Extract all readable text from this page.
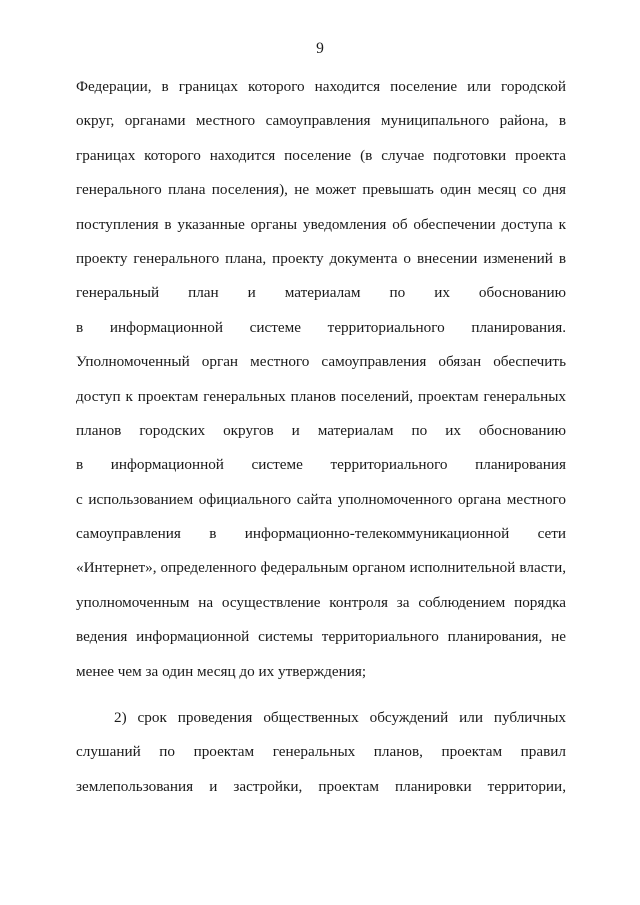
9
Федерации, в границах которого находится поселение или городской
округ, органами местного самоуправления муниципального района, в
границах которого находится поселение (в случае подготовки проекта
генерального плана поселения), не может превышать один месяц со дня
поступления в указанные органы уведомления об обеспечении доступа к
проекту генерального плана, проекту документа о внесении изменений в
генеральный план и материалам по их обоснованию
в информационной системе территориального планирования.
Уполномоченный орган местного самоуправления обязан обеспечить
доступ к проектам генеральных планов поселений, проектам генеральных
планов городских округов и материалам по их обоснованию
в информационной системе территориального планирования
с использованием официального сайта уполномоченного органа местного
самоуправления в информационно-телекоммуникационной сети
«Интернет», определенного федеральным органом исполнительной власти,
уполномоченным на осуществление контроля за соблюдением порядка
ведения информационной системы территориального планирования, не
менее чем за один месяц до их утверждения;
2) срок проведения общественных обсуждений или публичных
слушаний по проектам генеральных планов, проектам правил
землепользования и застройки, проектам планировки территории,
